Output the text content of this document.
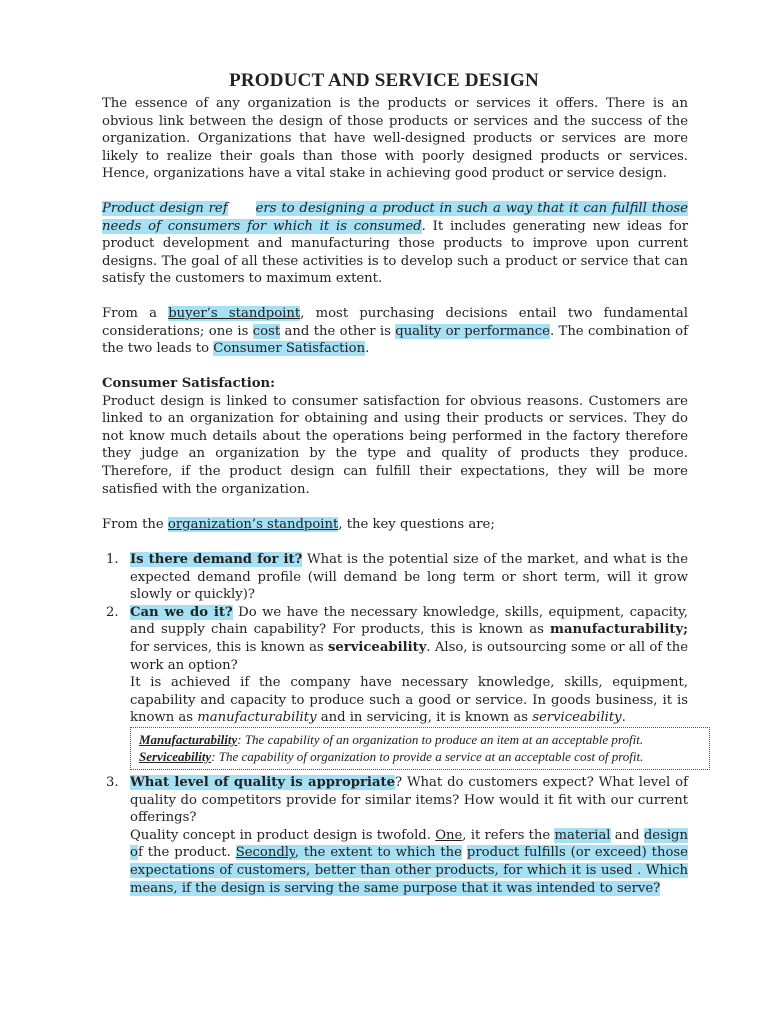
PRODUCT AND SERVICE DESIGN
The essence of any organization is the products or services it offers. There is an obvious link between the design of those products or services and the success of the organization. Organizations that have well-designed products or services are more likely to realize their goals than those with poorly designed products or services. Hence, organizations have a vital stake in achieving good product or service design.
Product design ref ers to designing a product in such a way that it can fulfill those needs of consumers for which it is consumed. It includes generating new ideas for product development and manufacturing those products to improve upon current designs. The goal of all these activities is to develop such a product or service that can satisfy the customers to maximum extent.
From a buyer’s standpoint, most purchasing decisions entail two fundamental considerations; one is cost and the other is quality or performance. The combination of the two leads to Consumer Satisfaction.
Consumer Satisfaction:
Product design is linked to consumer satisfaction for obvious reasons. Customers are linked to an organization for obtaining and using their products or services. They do not know much details about the operations being performed in the factory therefore they judge an organization by the type and quality of products they produce. Therefore, if the product design can fulfill their expectations, they will be more satisfied with the organization.
From the organization’s standpoint, the key questions are;
1. Is there demand for it? What is the potential size of the market, and what is the expected demand profile (will demand be long term or short term, will it grow slowly or quickly)?
2. Can we do it? Do we have the necessary knowledge, skills, equipment, capacity, and supply chain capability? For products, this is known as manufacturability; for services, this is known as serviceability. Also, is outsourcing some or all of the work an option?
It is achieved if the company have necessary knowledge, skills, equipment, capability and capacity to produce such a good or service. In goods business, it is known as manufacturability and in servicing, it is known as serviceability.
Manufacturability: The capability of an organization to produce an item at an acceptable profit.
Serviceability: The capability of organization to provide a service at an acceptable cost of profit.
3. What level of quality is appropriate? What do customers expect? What level of quality do competitors provide for similar items? How would it fit with our current offerings?
Quality concept in product design is twofold. One, it refers the material and design of the product. Secondly, the extent to which the product fulfills (or exceed) those expectations of customers, better than other products, for which it is used . Which means, if the design is serving the same purpose that it was intended to serve?
